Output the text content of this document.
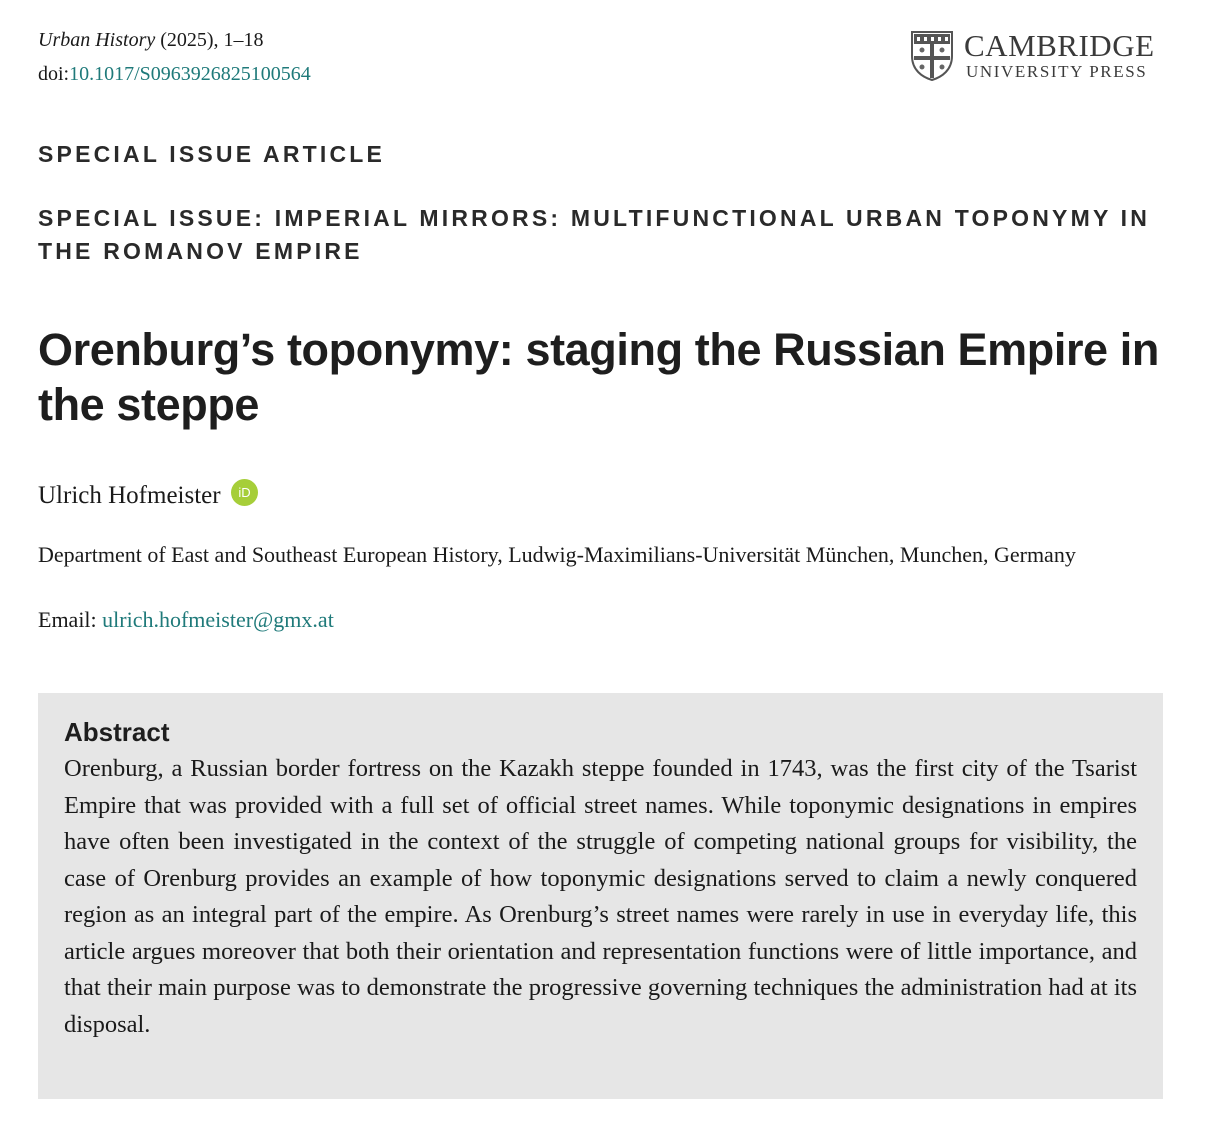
Urban History (2025), 1–18
doi:10.1017/S0963926825100564
CAMBRIDGE
UNIVERSITY PRESS
SPECIAL ISSUE ARTICLE
SPECIAL ISSUE: IMPERIAL MIRRORS: MULTIFUNCTIONAL URBAN TOPONYMY IN THE ROMANOV EMPIRE
Orenburg’s toponymy: staging the Russian Empire in the steppe
Ulrich Hofmeister iD
Department of East and Southeast European History, Ludwig-Maximilians-Universität München, Munchen, Germany
Email: ulrich.hofmeister@gmx.at
Abstract
Orenburg, a Russian border fortress on the Kazakh steppe founded in 1743, was the first city of the Tsarist Empire that was provided with a full set of official street names. While toponymic designations in empires have often been investigated in the context of the struggle of competing national groups for visibility, the case of Orenburg provides an example of how toponymic designations served to claim a newly conquered region as an integral part of the empire. As Orenburg’s street names were rarely in use in everyday life, this article argues moreover that both their orientation and representation functions were of little importance, and that their main purpose was to demonstrate the progressive governing techniques the administration had at its disposal.
